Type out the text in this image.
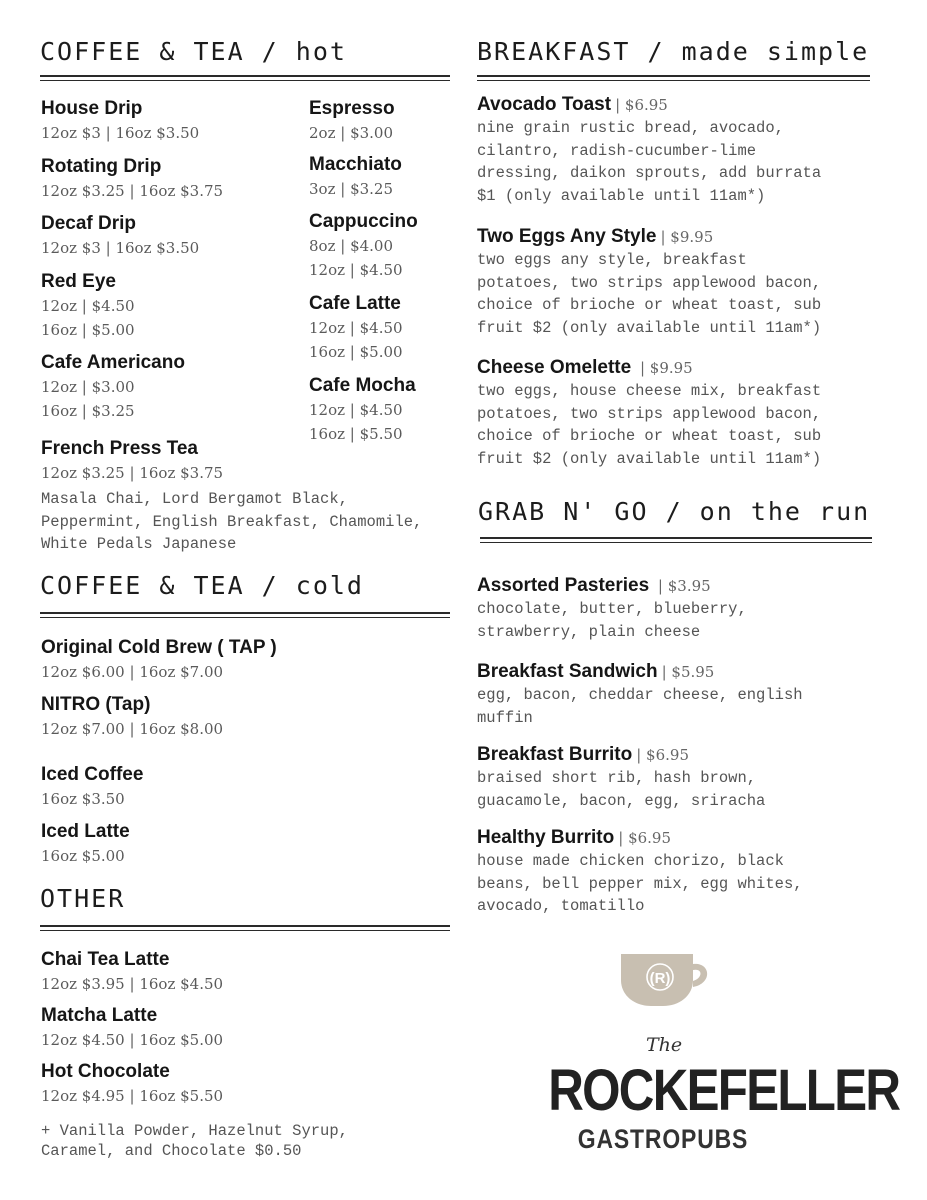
COFFEE & TEA / hot
House Drip
12oz $3 | 16oz $3.50
Rotating Drip
12oz $3.25 | 16oz $3.75
Decaf Drip
12oz $3 | 16oz $3.50
Red Eye
12oz | $4.50
16oz | $5.00
Cafe Americano
12oz | $3.00
16oz | $3.25
French Press Tea
12oz $3.25 | 16oz $3.75
Masala Chai, Lord Bergamot Black,
Peppermint, English Breakfast, Chamomile,
White Pedals Japanese
Espresso
2oz | $3.00
Macchiato
3oz | $3.25
Cappuccino
8oz | $4.00
12oz | $4.50
Cafe Latte
12oz | $4.50
16oz | $5.00
Cafe Mocha
12oz | $4.50
16oz | $5.50
COFFEE & TEA / cold
Original Cold Brew ( TAP )
12oz $6.00 | 16oz $7.00
NITRO (Tap)
12oz $7.00 | 16oz $8.00
Iced Coffee
16oz $3.50
Iced Latte
16oz $5.00
OTHER
Chai Tea Latte
12oz $3.95 | 16oz $4.50
Matcha Latte
12oz $4.50 | 16oz $5.00
Hot Chocolate
12oz $4.95 | 16oz $5.50
+ Vanilla Powder, Hazelnut Syrup,
Caramel, and Chocolate $0.50
BREAKFAST / made simple
Avocado Toast | $6.95
nine grain rustic bread, avocado,
cilantro, radish-cucumber-lime
dressing, daikon sprouts, add burrata
$1 (only available until 11am*)
Two Eggs Any Style | $9.95
two eggs any style, breakfast
potatoes, two strips applewood bacon,
choice of brioche or wheat toast, sub
fruit $2 (only available until 11am*)
Cheese Omelette | $9.95
two eggs, house cheese mix, breakfast
potatoes, two strips applewood bacon,
choice of brioche or wheat toast, sub
fruit $2 (only available until 11am*)
GRAB N' GO / on the run
Assorted Pasteries | $3.95
chocolate, butter, blueberry,
strawberry, plain cheese
Breakfast Sandwich | $5.95
egg, bacon, cheddar cheese, english
muffin
Breakfast Burrito | $6.95
braised short rib, hash brown,
guacamole, bacon, egg, sriracha
Healthy Burrito | $6.95
house made chicken chorizo, black
beans, bell pepper mix, egg whites,
avocado, tomatillo
(R)
The
ROCKEFELLER
GASTROPUBS
